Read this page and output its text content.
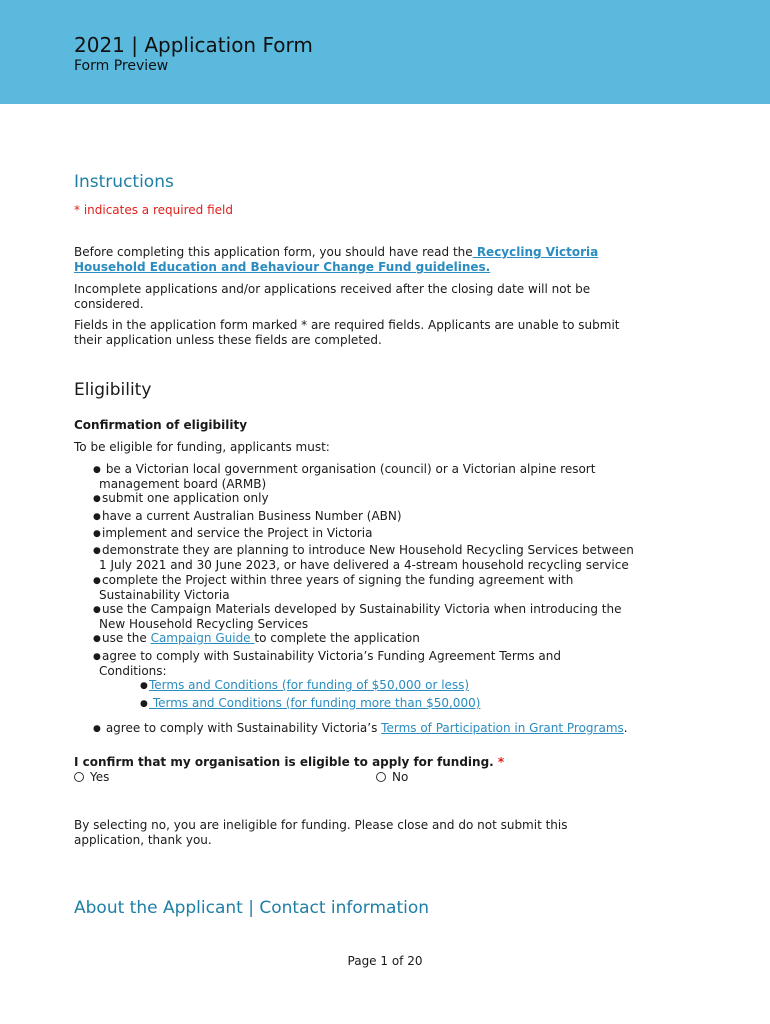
2021 | Application Form
Form Preview
Instructions
* indicates a required field
Before completing this application form, you should have read the Recycling Victoria
Household Education and Behaviour Change Fund guidelines.
Incomplete applications and/or applications received after the closing date will not be
considered.
Fields in the application form marked * are required fields. Applicants are unable to submit
their application unless these fields are completed.
Eligibility
Confirmation of eligibility
To be eligible for funding, applicants must:
● be a Victorian local government organisation (council) or a Victorian alpine resort
management board (ARMB)
●submit one application only
●have a current Australian Business Number (ABN)
●implement and service the Project in Victoria
●demonstrate they are planning to introduce New Household Recycling Services between
1 July 2021 and 30 June 2023, or have delivered a 4-stream household recycling service
●complete the Project within three years of signing the funding agreement with
Sustainability Victoria
●use the Campaign Materials developed by Sustainability Victoria when introducing the
New Household Recycling Services
●use the Campaign Guide to complete the application
●agree to comply with Sustainability Victoria’s Funding Agreement Terms and
Conditions:
●Terms and Conditions (for funding of $50,000 or less)
● Terms and Conditions (for funding more than $50,000)
● agree to comply with Sustainability Victoria’s Terms of Participation in Grant Programs.
I confirm that my organisation is eligible to apply for funding. *
Yes	No
By selecting no, you are ineligible for funding. Please close and do not submit this
application, thank you.
About the Applicant | Contact information
Page 1 of 20
